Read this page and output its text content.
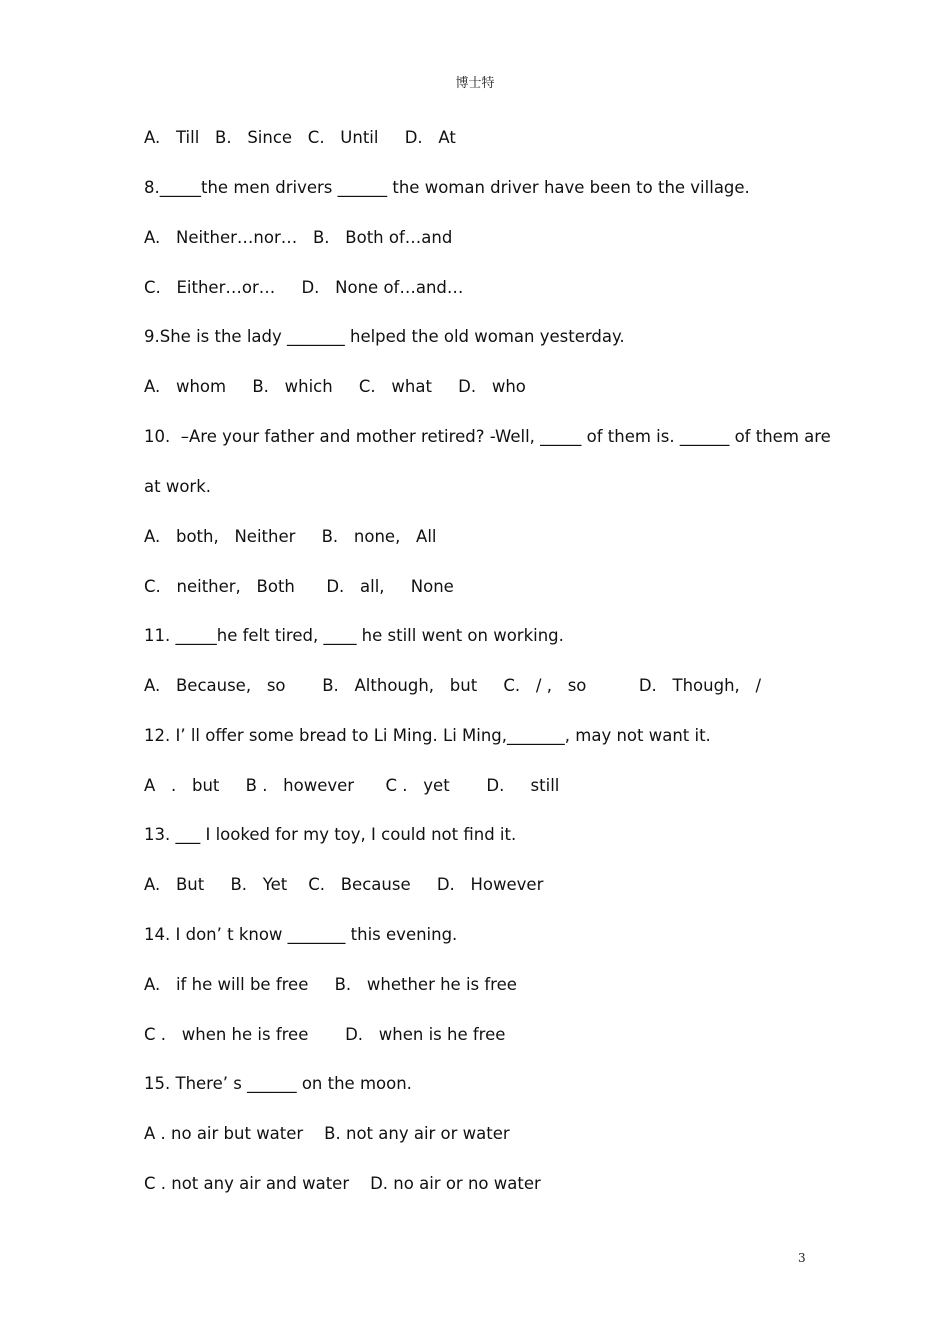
博士特
A.   Till   B.   Since   C.   Until     D.   At
8._____the men drivers ______ the woman driver have been to the village.
A.   Neither…nor…   B.   Both of…and
C.   Either…or…     D.   None of…and…
9.She is the lady _______ helped the old woman yesterday.
A.   whom     B.   which     C.   what     D.   who
10.  –Are your father and mother retired? -Well, _____ of them is. ______ of them are
at work.
A.   both,   Neither     B.   none,   All
C.   neither,   Both      D.   all,     None
11. _____he felt tired, ____ he still went on working.
A.   Because,   so       B.   Although,   but     C.   / ,   so          D.   Though,   /
12. I’ ll offer some bread to Li Ming. Li Ming,_______, may not want it.
A   .   but     B .   however      C .   yet       D.     still
13. ___ I looked for my toy, I could not find it.
A.   But     B.   Yet    C.   Because     D.   However
14. I don’ t know _______ this evening.
A.   if he will be free     B.   whether he is free
C .   when he is free       D.   when is he free
15. There’ s ______ on the moon.
A . no air but water    B. not any air or water
C . not any air and water    D. no air or no water
3
